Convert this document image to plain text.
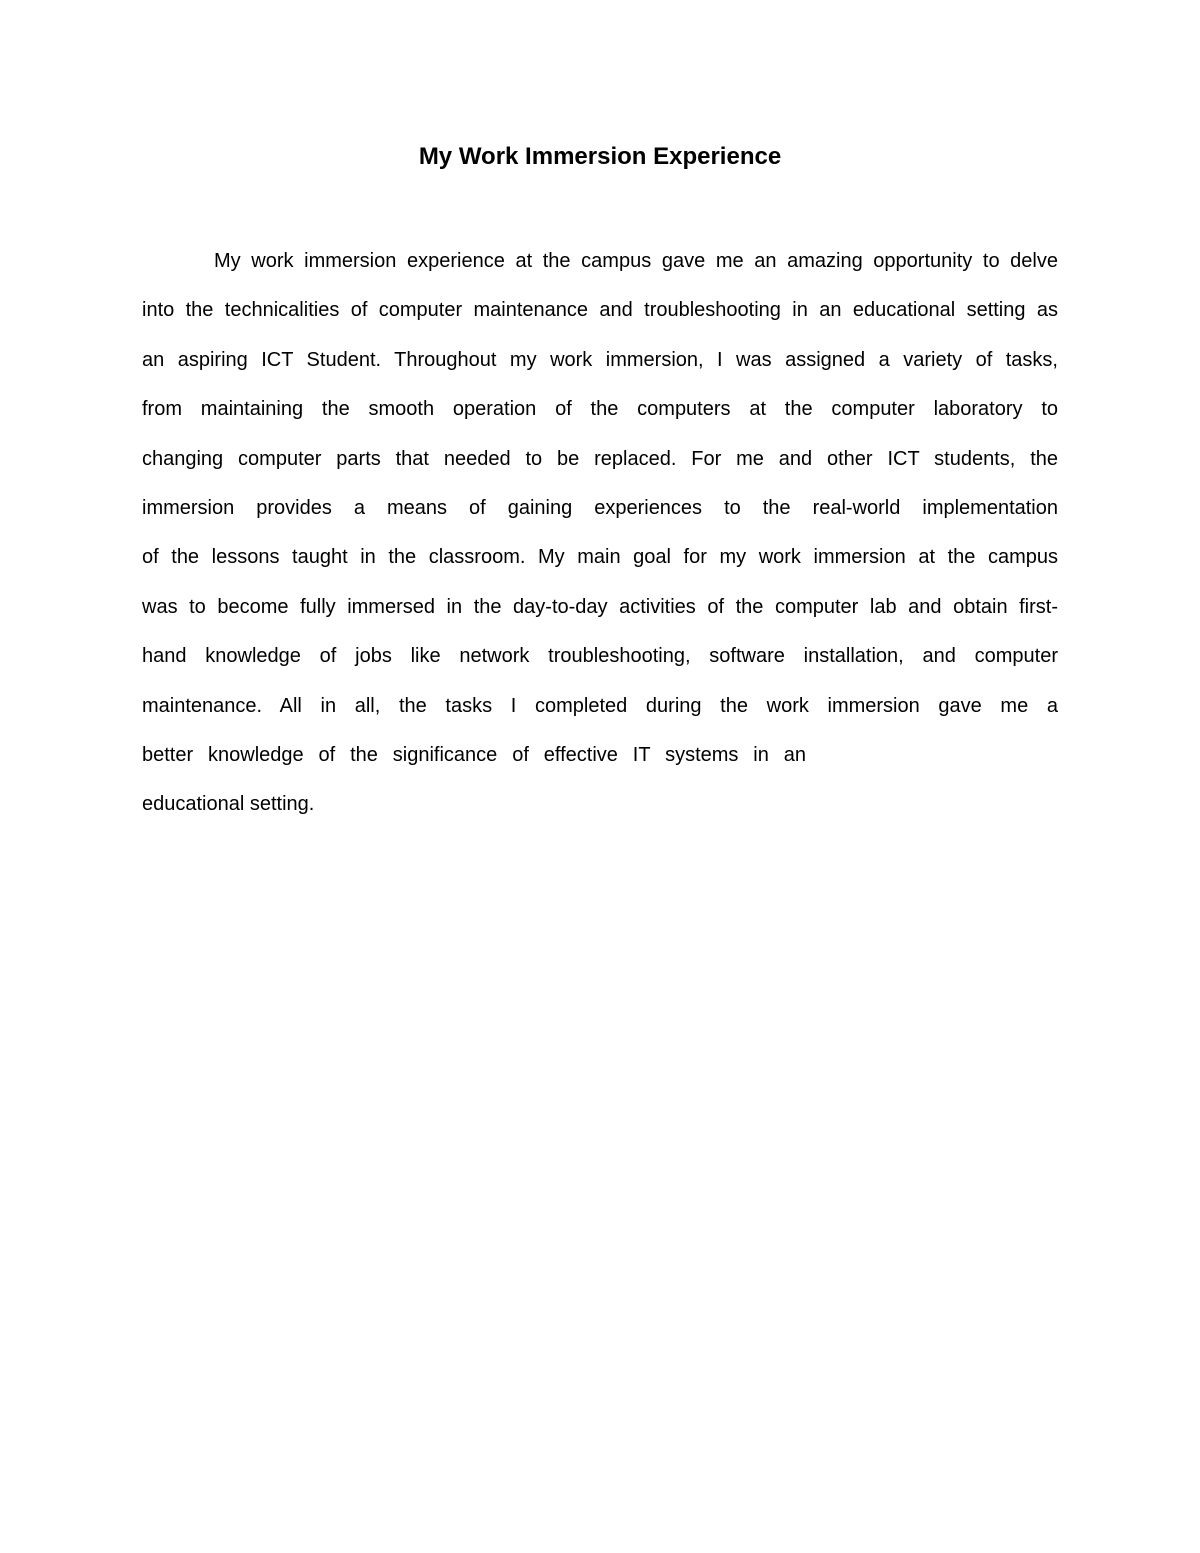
My Work Immersion Experience
My work immersion experience at the campus gave me an amazing opportunity to delve
into the technicalities of computer maintenance and troubleshooting in an educational setting as
an aspiring ICT Student. Throughout my work immersion, I was assigned a variety of tasks,
from maintaining the smooth operation of the computers at the computer laboratory to
changing computer parts that needed to be replaced. For me and other ICT students, the
immersion provides a means of gaining experiences to the real-world implementation
of the lessons taught in the classroom. My main goal for my work immersion at the campus
was to become fully immersed in the day-to-day activities of the computer lab and obtain first-
hand knowledge of jobs like network troubleshooting, software installation, and computer
maintenance. All in all, the tasks I completed during the work immersion gave me a
better knowledge of the significance of effective IT systems in an
educational setting.
